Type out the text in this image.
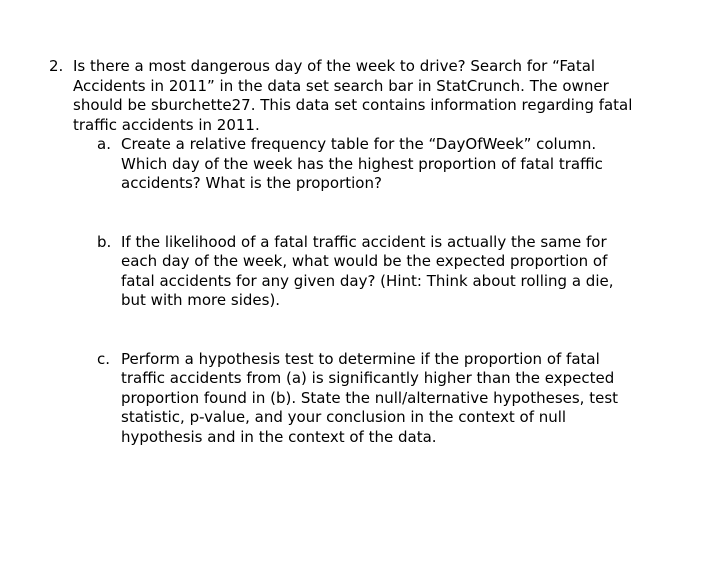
2. Is there a most dangerous day of the week to drive? Search for “Fatal Accidents in 2011” in the data set search bar in StatCrunch. The owner should be sburchette27. This data set contains information regarding fatal traffic accidents in 2011.

a. Create a relative frequency table for the “DayOfWeek” column. Which day of the week has the highest proportion of fatal traffic accidents? What is the proportion?

b. If the likelihood of a fatal traffic accident is actually the same for each day of the week, what would be the expected proportion of fatal accidents for any given day? (Hint: Think about rolling a die, but with more sides).

c. Perform a hypothesis test to determine if the proportion of fatal traffic accidents from (a) is significantly higher than the expected proportion found in (b). State the null/alternative hypotheses, test statistic, p-value, and your conclusion in the context of null hypothesis and in the context of the data.
